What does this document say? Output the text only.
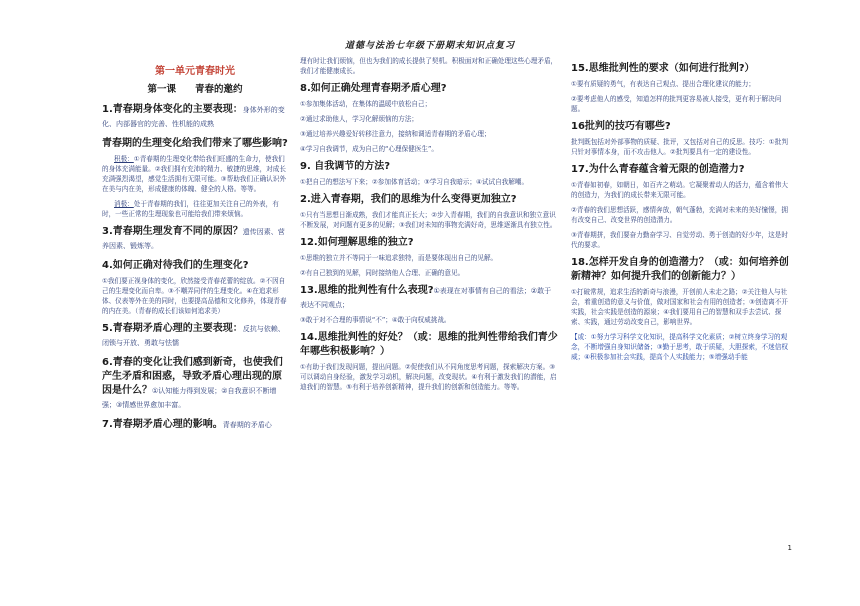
道德与法治七年级下册期末知识点复习
第一单元青春时光
第一课　　青春的邀约
1.青春期身体变化的主要表现：身体外形的变化、内部器官的完善、性机能的成熟
青春期的生理变化给我们带来了哪些影响?

积极：①青春期的生理变化带给我们旺盛的生命力，使我们的身体充满能量。②我们拥有充沛的精力、敏捷的思维，对成长充满强烈渴望，感觉生活拥有无限可能。③帮助我们正确认识外在美与内在美，形成健康的体魄、健全的人格。等等。

消极：处于青春期的我们，往往更加关注自己的外表，有时，一些正常的生理现象也可能给我们带来烦恼。

3.青春期生理发育不同的原因？遗传因素、营养因素、锻炼等。
4.如何正确对待我们的生理变化?

①我们要正视身体的变化，欣然接受青春花蕾的绽放。②不因自己的生理变化而自卑。③不嘲弄同伴的生理变化。④在追求形体、仪表等外在美的同时，也要提高品德和文化修养，体现青春的内在美。（青春的成长们该如何追求美）

5.青春期矛盾心理的主要表现：反抗与依赖、闭锁与开放、勇敢与怯懦
6.青春的变化让我们感到新奇，也使我们产生矛盾和困惑，导致矛盾心理出现的原因是什么？①认知能力得到发展；②自我意识不断增强；③情感世界愈加丰富。
7.青春期矛盾心理的影响。青春期的矛盾心

理有时让我们烦恼，但也为我们的成长提供了契机。积极面对和正确处理这些心理矛盾，我们才能健康成长。

8.如何正确处理青春期矛盾心理?

①参加集体活动，在集体的温暖中放松自己；

②通过求助他人，学习化解烦恼的方法；

③通过培养兴趣爱好转移注意力，接纳和调适青春期的矛盾心理；

④学习自我调节，成为自己的“心理保健医生”。

9. 自我调节的方法?

①把自己的想法写下来；②参加体育活动；③学习自我暗示；④试试自我解嘲。

2.进入青春期，我们的思维为什么变得更加独立?

①只有当思想日渐成熟，我们才能真正长大；②步入青春期，我们的自我意识和独立意识不断发展，对问题有更多的见解；③我们对未知的事物充满好奇，思维逐渐具有独立性。

12.如何理解思维的独立?

①思维的独立并不等同于一味追求独特，而是要体现出自己的见解。

②有自己独到的见解，同时接纳他人合理、正确的意见。

13.思维的批判性有什么表现?①表现在对事情有自己的看法；②敢于表达不同观点；

③敢于对不合理的事情说“不”；④敢于向权威挑战。

14.思维批判性的好处？（或：思维的批判性带给我们青少年哪些积极影响？）

①有助于我们发现问题，提出问题。②促使我们从不同角度思考问题，探索解决方案。③可以调动自身经验，激发学习动机，解决问题，改变现状。④有利于激发我们的潜能，启迪我们的智慧。⑤有利于培养创新精神，提升我们的创新和创造能力。等等。

15.思维批判性的要求（如何进行批判?）

①要有质疑的勇气，有表达自己观点、提出合理化建议的能力；

②要考虑他人的感受，知道怎样的批判更容易被人接受，更有利于解决问题。

16批判的技巧有哪些?

批判既包括对外部事物的质疑、批评，又包括对自己的反思。技巧：①批判只针对事情本身，而不攻击他人。②批判要具有一定的建设性。

17.为什么青春蕴含着无限的创造潜力?

①青春如初春，如朝日，如百卉之萌动。它凝聚着动人的活力，蕴含着伟大的创造力，为我们的成长带来无限可能。

②青春的我们思想活跃，感情奔放，朝气蓬勃，充满对未来的美好憧憬，拥有改变自己、改变世界的创造潜力。

③青春期拼，我们要奋力勤奋学习、自觉劳动、勇于创造的好少年，这是时代的要求。

18.怎样开发自身的创造潜力？（或：如何培养创新精神？如何提升我们的创新能力？）

①打破常规，追求生活的新奇与浪漫，开创前人未走之路；②关注他人与社会，着重创造的意义与价值，做对国家和社会有用的创造者；③创造离不开实践，社会实践是创造的源泉；④我们要用自己的智慧和双手去尝试、探索、实践，通过劳动改变自己，影响世界。

【或：①努力学习科学文化知识，提高科学文化素质；②树立终身学习的观念，不断增强自身知识储备；③勤于思考，敢于质疑，大胆探索，不迷信权威；④积极参加社会实践，提高个人实践能力；⑤增强动手能

1
